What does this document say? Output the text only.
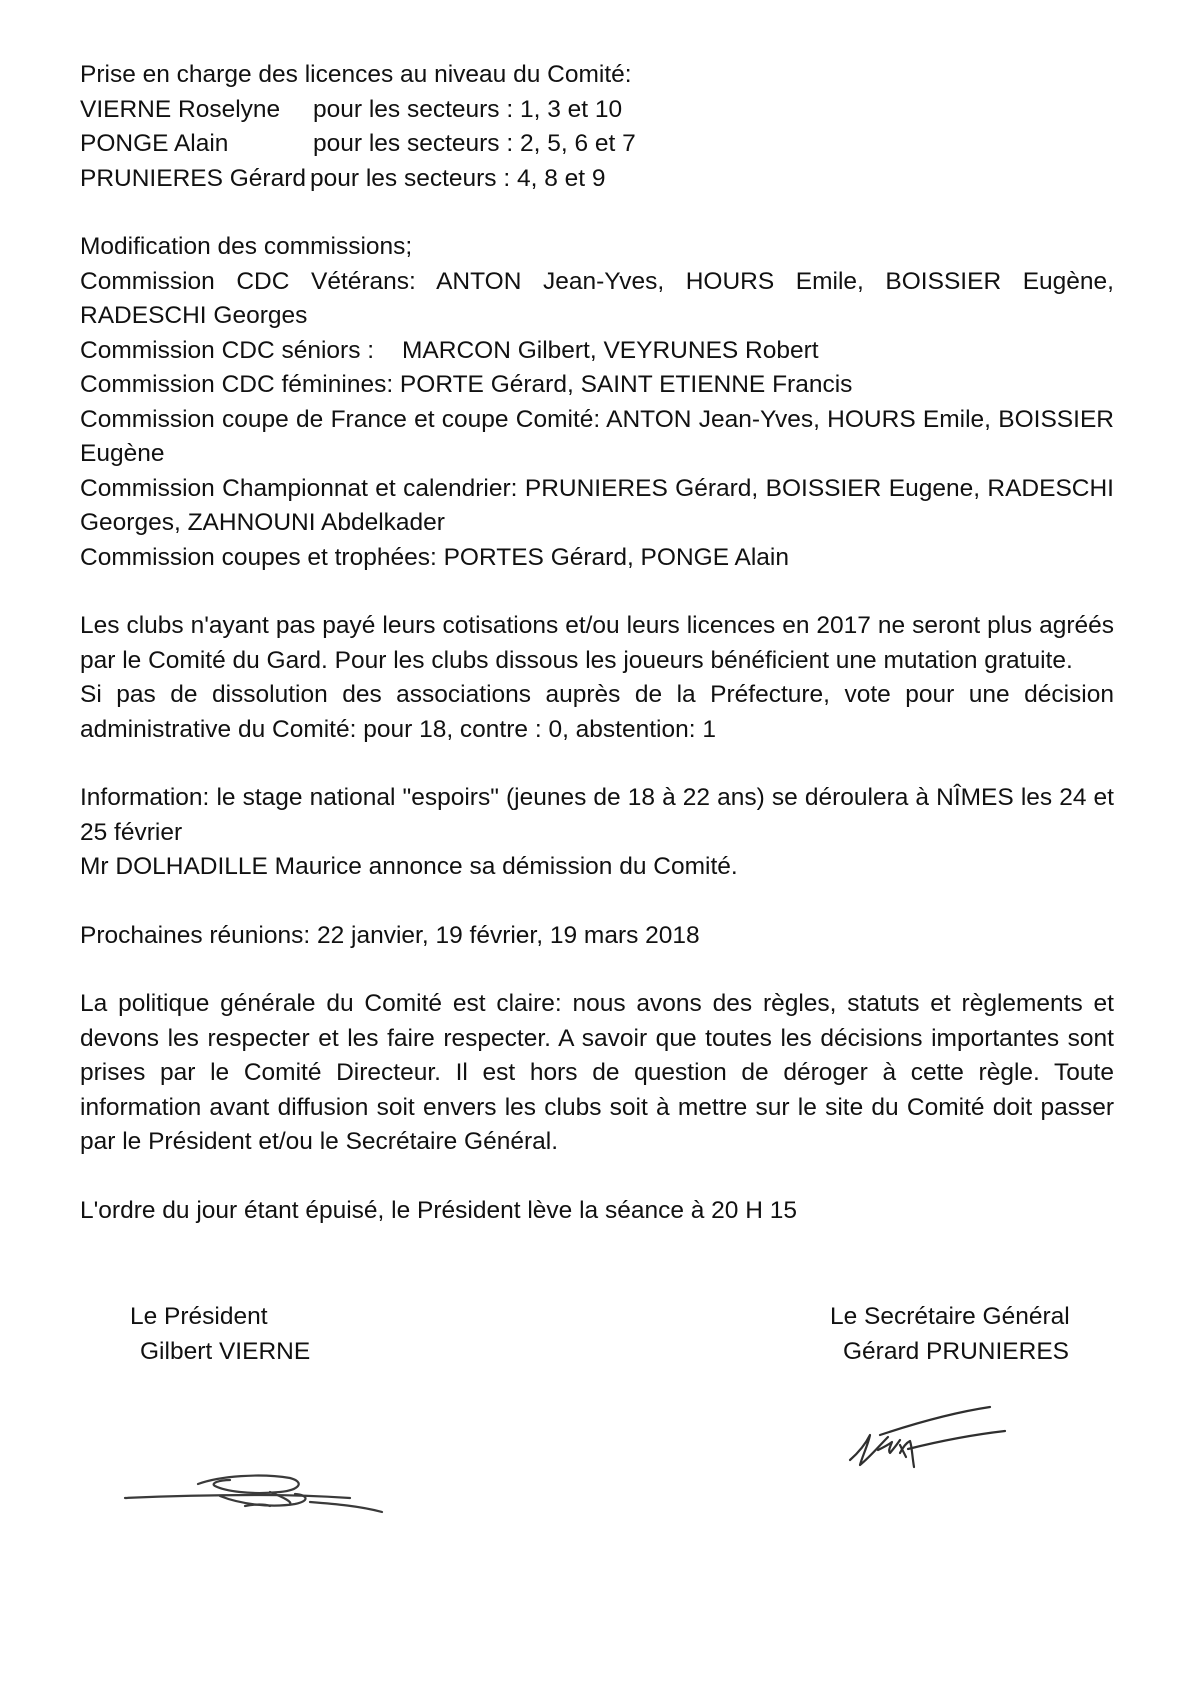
Prise en charge des licences au niveau du Comité:
VIERNE Roselyne pour les secteurs : 1, 3 et 10
PONGE Alain	pour les secteurs : 2, 5, 6 et 7
PRUNIERES Gérard pour les secteurs : 4, 8 et 9
Modification des commissions;
Commission CDC Vétérans: ANTON Jean-Yves, HOURS Emile, BOISSIER Eugène, RADESCHI Georges
Commission CDC séniors : MARCON Gilbert, VEYRUNES Robert
Commission CDC féminines: PORTE Gérard, SAINT ETIENNE Francis
Commission coupe de France et coupe Comité: ANTON Jean-Yves, HOURS Emile, BOISSIER Eugène
Commission Championnat et calendrier: PRUNIERES Gérard, BOISSIER Eugene, RADESCHI Georges, ZAHNOUNI Abdelkader
Commission coupes et trophées: PORTES Gérard, PONGE Alain
Les clubs n'ayant pas payé leurs cotisations et/ou leurs licences en 2017 ne seront plus agréés par le Comité du Gard. Pour les clubs dissous les joueurs bénéficient une mutation gratuite.
Si pas de dissolution des associations auprès de la Préfecture, vote pour une décision administrative du Comité: pour 18, contre : 0, abstention: 1
Information: le stage national "espoirs" (jeunes de 18 à 22 ans) se déroulera à NÎMES les 24 et 25 février
Mr DOLHADILLE Maurice annonce sa démission du Comité.
Prochaines réunions: 22 janvier, 19 février, 19 mars 2018
La politique générale du Comité est claire: nous avons des règles, statuts et règlements et devons les respecter et les faire respecter. A savoir que toutes les décisions importantes sont prises par le Comité Directeur. Il est hors de question de déroger à cette règle. Toute information avant diffusion soit envers les clubs soit à mettre sur le site du Comité doit passer par le Président et/ou le Secrétaire Général.
L'ordre du jour étant épuisé, le Président lève la séance à 20 H 15
Le Président
Gilbert VIERNE
Le Secrétaire Général
Gérard PRUNIERES
